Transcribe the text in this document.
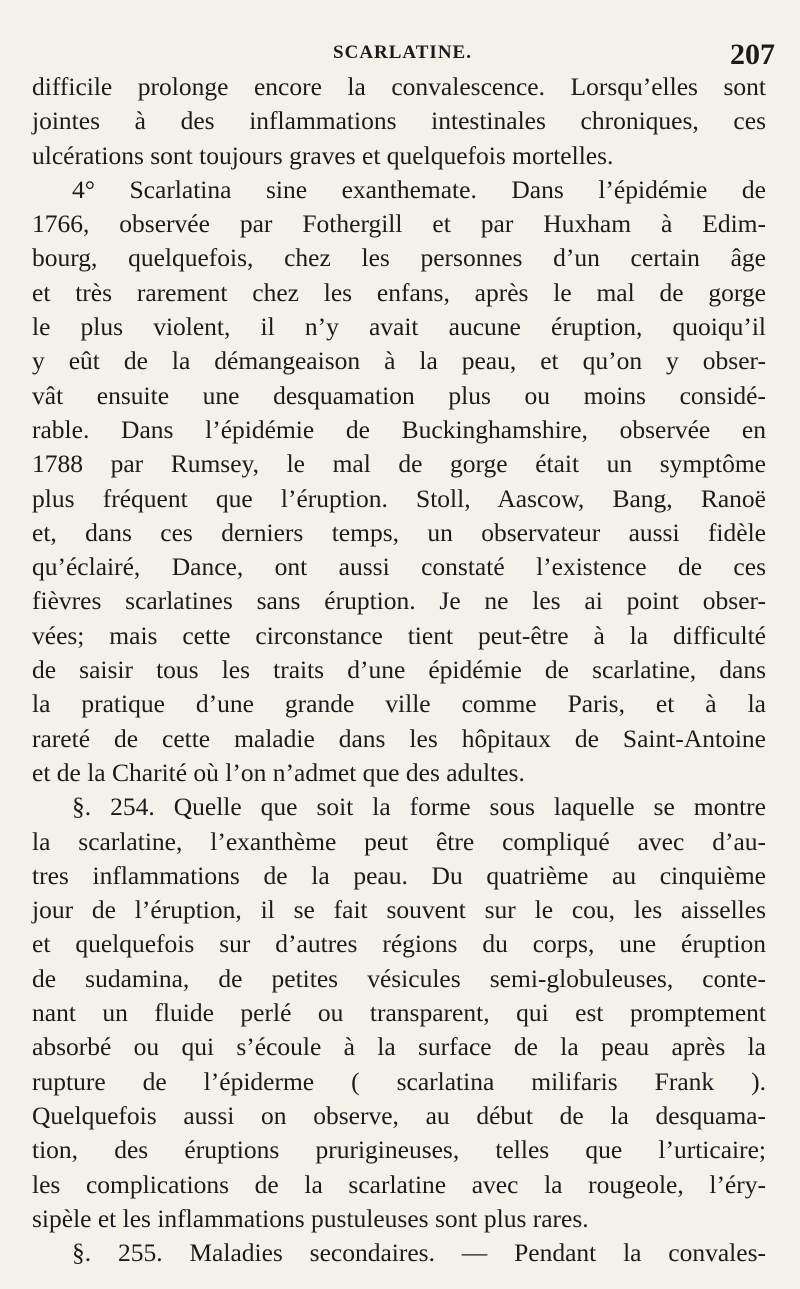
SCARLATINE.	207
difficile prolonge encore la convalescence. Lorsqu’elles sont
jointes à des inflammations intestinales chroniques, ces
ulcérations sont toujours graves et quelquefois mortelles.
4° Scarlatina sine exanthemate. Dans l’épidémie de
1766, observée par Fothergill et par Huxham à Edim-
bourg, quelquefois, chez les personnes d’un certain âge
et très rarement chez les enfans, après le mal de gorge
le plus violent, il n’y avait aucune éruption, quoiqu’il
y eût de la démangeaison à la peau, et qu’on y obser-
vât ensuite une desquamation plus ou moins considé-
rable. Dans l’épidémie de Buckinghamshire, observée en
1788 par Rumsey, le mal de gorge était un symptôme
plus fréquent que l’éruption. Stoll, Aascow, Bang, Ranoë
et, dans ces derniers temps, un observateur aussi fidèle
qu’éclairé, Dance, ont aussi constaté l’existence de ces
fièvres scarlatines sans éruption. Je ne les ai point obser-
vées; mais cette circonstance tient peut-être à la difficulté
de saisir tous les traits d’une épidémie de scarlatine, dans
la pratique d’une grande ville comme Paris, et à la
rareté de cette maladie dans les hôpitaux de Saint-Antoine
et de la Charité où l’on n’admet que des adultes.
§. 254. Quelle que soit la forme sous laquelle se montre
la scarlatine, l’exanthème peut être compliqué avec d’au-
tres inflammations de la peau. Du quatrième au cinquième
jour de l’éruption, il se fait souvent sur le cou, les aisselles
et quelquefois sur d’autres régions du corps, une éruption
de sudamina, de petites vésicules semi-globuleuses, conte-
nant un fluide perlé ou transparent, qui est promptement
absorbé ou qui s’écoule à la surface de la peau après la
rupture de l’épiderme ( scarlatina milifaris Frank ).
Quelquefois aussi on observe, au début de la desquama-
tion, des éruptions prurigineuses, telles que l’urticaire;
les complications de la scarlatine avec la rougeole, l’éry-
sipèle et les inflammations pustuleuses sont plus rares.
§. 255. Maladies secondaires. — Pendant la convales-
